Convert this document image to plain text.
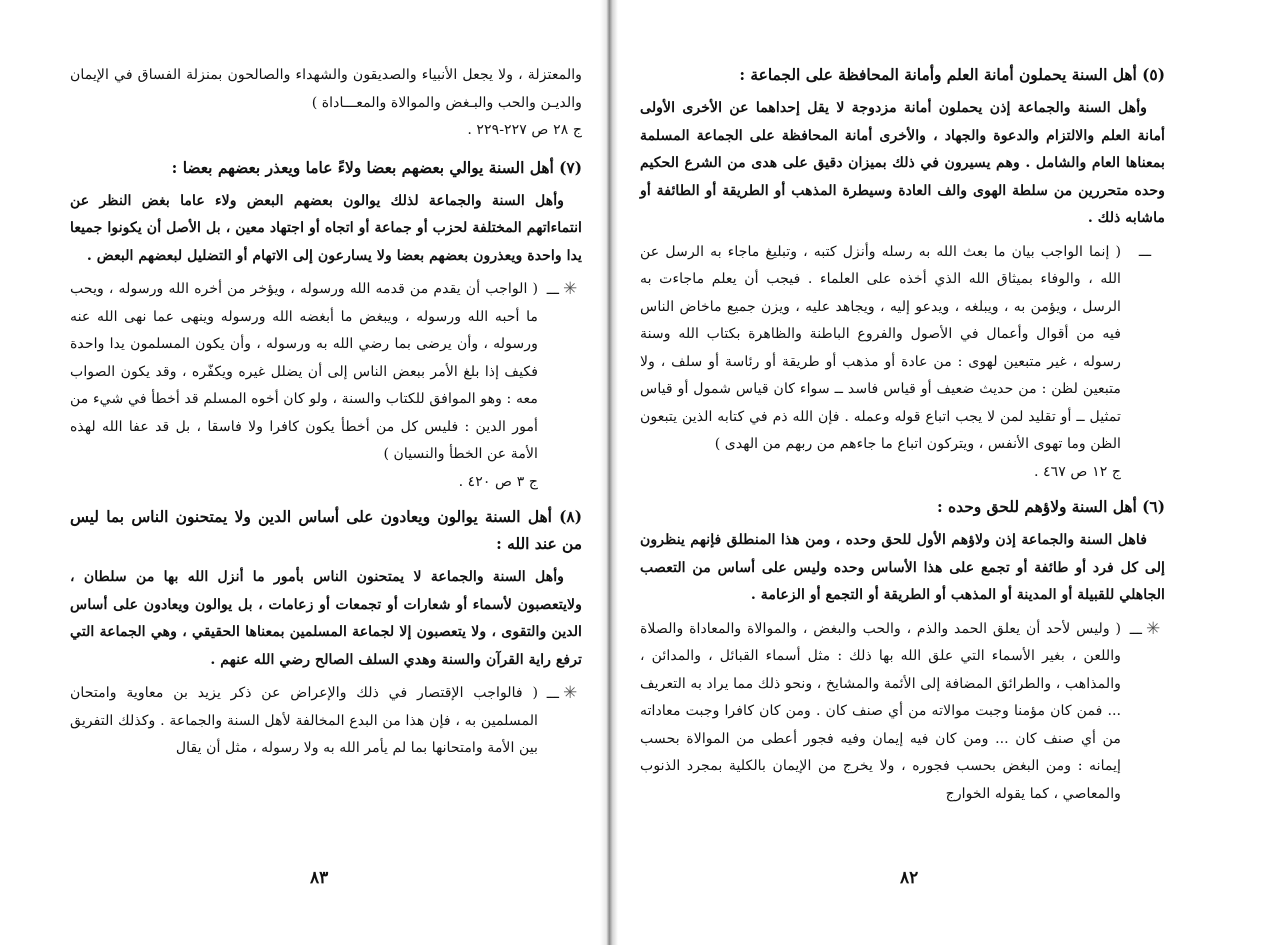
والمعتزلة ، ولا يجعل الأنبياء والصديقون والشهداء والصالحون بمنزلة الفساق في الإيمان والديـن والحب والبـغض والموالاة والمعـــاداة )
ج ٢٨ ص ٢٢٧-٢٢٩ .

(٧) أهل السنة يوالي بعضهم بعضا ولاءً عاما ويعذر بعضهم بعضا :

وأهل السنة والجماعة لذلك يوالون بعضهم البعض ولاء عاما بغض النظر عن انتماءاتهم المختلفة لحزب أو جماعة أو اتجاه أو اجتهاد معين ، بل الأصل أن يكونوا جميعا يدا واحدة ويعذرون بعضهم بعضا ولا يسارعون إلى الاتهام أو التضليل لبعضهم البعض .

✳ـــ
( الواجب أن يقدم من قدمه الله ورسوله ، ويؤخر من أخره الله ورسوله ، ويحب ما أحبه الله ورسوله ، ويبغض ما أبغضه الله ورسوله وينهى عما نهى الله عنه ورسوله ، وأن يرضى بما رضي الله به ورسوله ، وأن يكون المسلمون يدا واحدة فكيف إذا بلغ الأمر ببعض الناس إلى أن يضلل غيره ويكفّره ، وقد يكون الصواب معه : وهو الموافق للكتاب والسنة ، ولو كان أخوه المسلم قد أخطأ في شيء من أمور الدين : فليس كل من أخطأ يكون كافرا ولا فاسقا ، بل قد عفا الله لهذه الأمة عن الخطأ والنسيان )
ج ٣ ص ٤٢٠ .

(٨) أهل السنة يوالون ويعادون على أساس الدين ولا يمتحنون الناس بما ليس من عند الله :

وأهل السنة والجماعة لا يمتحنون الناس بأمور ما أنزل الله بها من سلطان ، ولايتعصبون لأسماء أو شعارات أو تجمعات أو زعامات ، بل يوالون ويعادون على أساس الدين والتقوى ، ولا يتعصبون إلا لجماعة المسلمين بمعناها الحقيقي ، وهي الجماعة التي ترفع راية القرآن والسنة وهدي السلف الصالح رضي الله عنهم .

✳ـــ
( فالواجب الإقتصار في ذلك والإعراض عن ذكر يزيد بن معاوية وامتحان المسلمين به ، فإن هذا من البدع المخالفة لأهل السنة والجماعة . وكذلك التفريق بين الأمة وامتحانها بما لم يأمر الله به ولا رسوله ، مثل أن يقال
٨٣

(٥) أهل السنة يحملون أمانة العلم وأمانة المحافظة على الجماعة :

وأهل السنة والجماعة إذن يحملون أمانة مزدوجة لا يقل إحداهما عن الأخرى الأولى أمانة العلم والالتزام والدعوة والجهاد ، والأخرى أمانة المحافظة على الجماعة المسلمة بمعناها العام والشامل . وهم يسيرون في ذلك بميزان دقيق على هدى من الشرع الحكيم وحده متحررين من سلطة الهوى والف العادة وسيطرة المذهب أو الطريقة أو الطائفة أو ماشابه ذلك .

ـــ
( إنما الواجب بيان ما بعث الله به رسله وأنزل كتبه ، وتبليغ ماجاء به الرسل عن الله ، والوفاء بميثاق الله الذي أخذه على العلماء . فيجب أن يعلم ماجاءت به الرسل ، ويؤمن به ، ويبلغه ، ويدعو إليه ، ويجاهد عليه ، ويزن جميع ماخاض الناس فيه من أقوال وأعمال في الأصول والفروع الباطنة والظاهرة بكتاب الله وسنة رسوله ، غير متبعين لهوى : من عادة أو مذهب أو طريقة أو رئاسة أو سلف ، ولا متبعين لظن : من حديث ضعيف أو قياس فاسد ــ سواء كان قياس شمول أو قياس تمثيل ــ أو تقليد لمن لا يجب اتباع قوله وعمله . فإن الله ذم في كتابه الذين يتبعون الظن وما تهوى الأنفس ، ويتركون اتباع ما جاءهم من ربهم من الهدى )
ج ١٢ ص ٤٦٧ .

(٦) أهل السنة ولاؤهم للحق وحده :

فاهل السنة والجماعة إذن ولاؤهم الأول للحق وحده ، ومن هذا المنطلق فإنهم ينظرون إلى كل فرد أو طائفة أو تجمع على هذا الأساس وحده وليس على أساس من التعصب الجاهلي للقبيلة أو المدينة أو المذهب أو الطريقة أو التجمع أو الزعامة .

✳ـــ
( وليس لأحد أن يعلق الحمد والذم ، والحب والبغض ، والموالاة والمعاداة والصلاة واللعن ، بغير الأسماء التي علق الله بها ذلك : مثل أسماء القبائل ، والمدائن ، والمذاهب ، والطرائق المضافة إلى الأئمة والمشايخ ، ونحو ذلك مما يراد به التعريف ... فمن كان مؤمنا وجبت موالاته من أي صنف كان . ومن كان كافرا وجبت معاداته من أي صنف كان ... ومن كان فيه إيمان وفيه فجور أعطى من الموالاة بحسب إيمانه : ومن البغض بحسب فجوره ، ولا يخرج من الإيمان بالكلية بمجرد الذنوب والمعاصي ، كما يقوله الخوارج
٨٢
